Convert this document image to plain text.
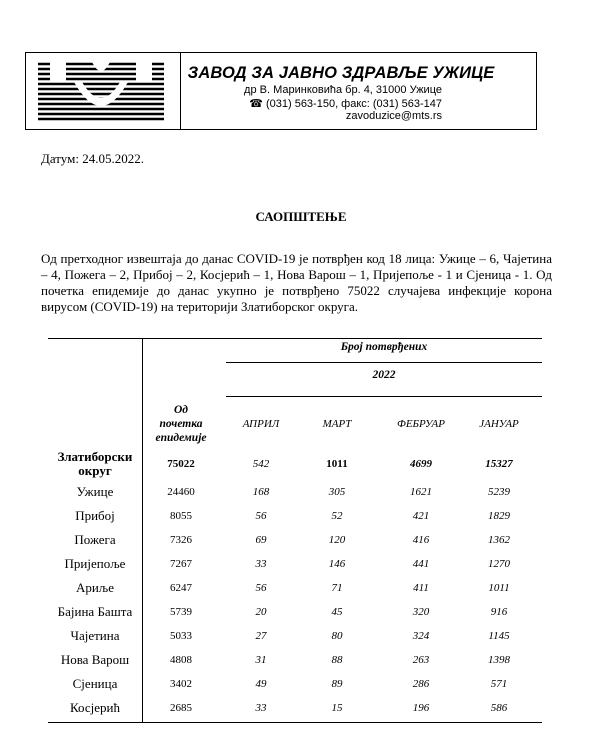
ЗАВОД ЗА ЈАВНО ЗДРАВЉЕ УЖИЦЕ
др В. Маринковића бр. 4, 31000 Ужице
☎ (031) 563-150, факс: (031) 563-147
zavoduzice@mts.rs
Датум: 24.05.2022.
САОПШТЕЊЕ
Од претходног извештаја до данас COVID-19 је потврђен код 18 лица: Ужице – 6, Чајетина – 4, Пожега – 2, Прибој – 2, Косјерић – 1, Нова Варош – 1, Пријепоље - 1 и Сјеница - 1. Од почетка епидемије до данас укупно је потврђено 75022 случајева инфекције корона вирусом (COVID-19) на територији Златиборског округа.
Број потврђених
2022
Од
почетка
епидемије
АПРИЛ	МАРТ	ФЕБРУАР	ЈАНУАР
Златиборски
округ	75022	542	1011	4699	15327
Ужице	24460	168	305	1621	5239
Прибој	8055	56	52	421	1829
Пожега	7326	69	120	416	1362
Пријепоље	7267	33	146	441	1270
Ариље	6247	56	71	411	1011
Бајина Башта	5739	20	45	320	916
Чајетина	5033	27	80	324	1145
Нова Варош	4808	31	88	263	1398
Сјеница	3402	49	89	286	571
Косјерић	2685	33	15	196	586
